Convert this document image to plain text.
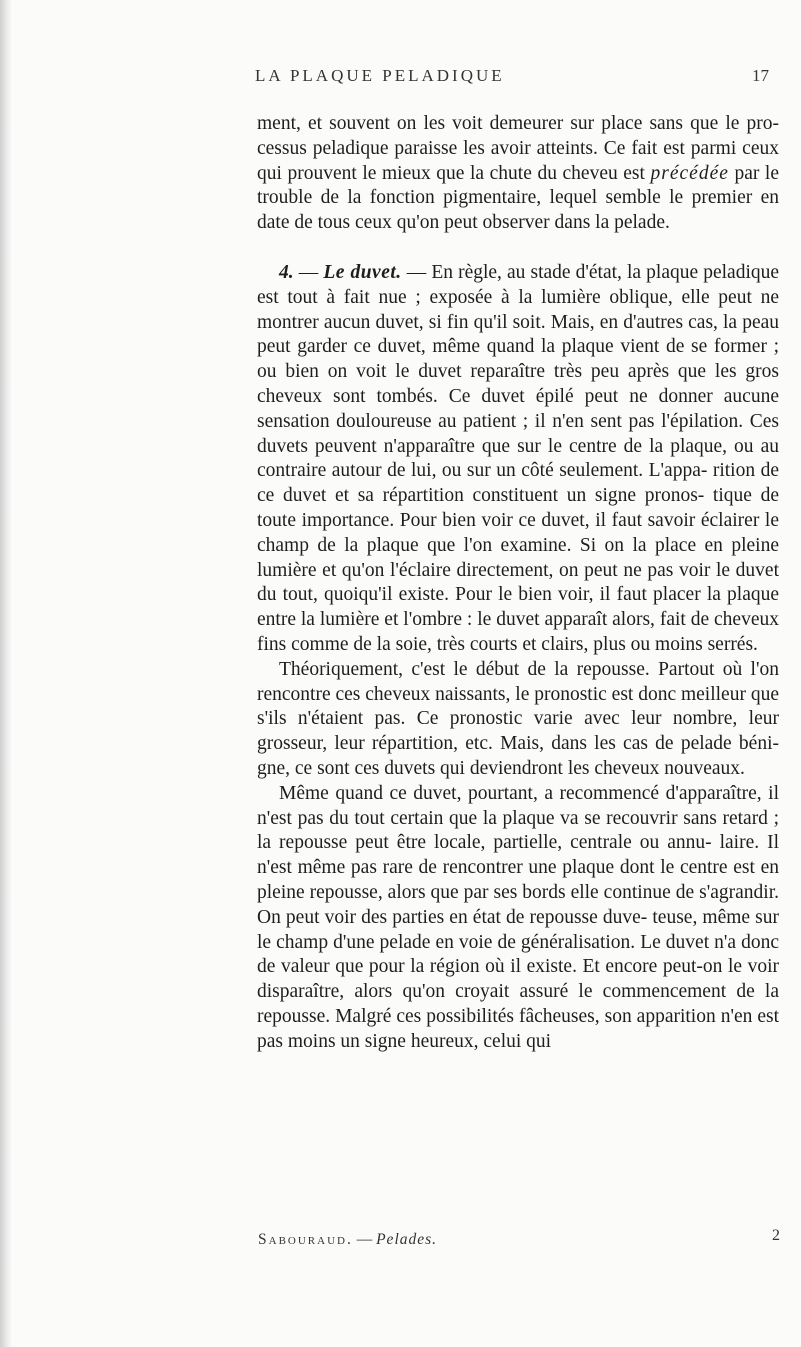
LA PLAQUE PELADIQUE	17

ment, et souvent on les voit demeurer sur place sans que le pro- cessus peladique paraisse les avoir atteints. Ce fait est parmi ceux qui prouvent le mieux que la chute du cheveu est précédée par le trouble de la fonction pigmentaire, lequel semble le premier en date de tous ceux qu'on peut observer dans la pelade.

4. — Le duvet. — En règle, au stade d'état, la plaque peladique est tout à fait nue ; exposée à la lumière oblique, elle peut ne montrer aucun duvet, si fin qu'il soit. Mais, en d'autres cas, la peau peut garder ce duvet, même quand la plaque vient de se former ; ou bien on voit le duvet reparaître très peu après que les gros cheveux sont tombés. Ce duvet épilé peut ne donner aucune sensation douloureuse au patient ; il n'en sent pas l'épilation. Ces duvets peuvent n'apparaître que sur le centre de la plaque, ou au contraire autour de lui, ou sur un côté seulement. L'appa- rition de ce duvet et sa répartition constituent un signe pronos- tique de toute importance. Pour bien voir ce duvet, il faut savoir éclairer le champ de la plaque que l'on examine. Si on la place en pleine lumière et qu'on l'éclaire directement, on peut ne pas voir le duvet du tout, quoiqu'il existe. Pour le bien voir, il faut placer la plaque entre la lumière et l'ombre : le duvet apparaît alors, fait de cheveux fins comme de la soie, très courts et clairs, plus ou moins serrés.

Théoriquement, c'est le début de la repousse. Partout où l'on rencontre ces cheveux naissants, le pronostic est donc meilleur que s'ils n'étaient pas. Ce pronostic varie avec leur nombre, leur grosseur, leur répartition, etc. Mais, dans les cas de pelade béni- gne, ce sont ces duvets qui deviendront les cheveux nouveaux.

Même quand ce duvet, pourtant, a recommencé d'apparaître, il n'est pas du tout certain que la plaque va se recouvrir sans retard ; la repousse peut être locale, partielle, centrale ou annu- laire. Il n'est même pas rare de rencontrer une plaque dont le centre est en pleine repousse, alors que par ses bords elle continue de s'agrandir. On peut voir des parties en état de repousse duve- teuse, même sur le champ d'une pelade en voie de généralisation. Le duvet n'a donc de valeur que pour la région où il existe. Et encore peut-on le voir disparaître, alors qu'on croyait assuré le commencement de la repousse. Malgré ces possibilités fâcheuses, son apparition n'en est pas moins un signe heureux, celui qui

Sabouraud. — Pelades.	2
